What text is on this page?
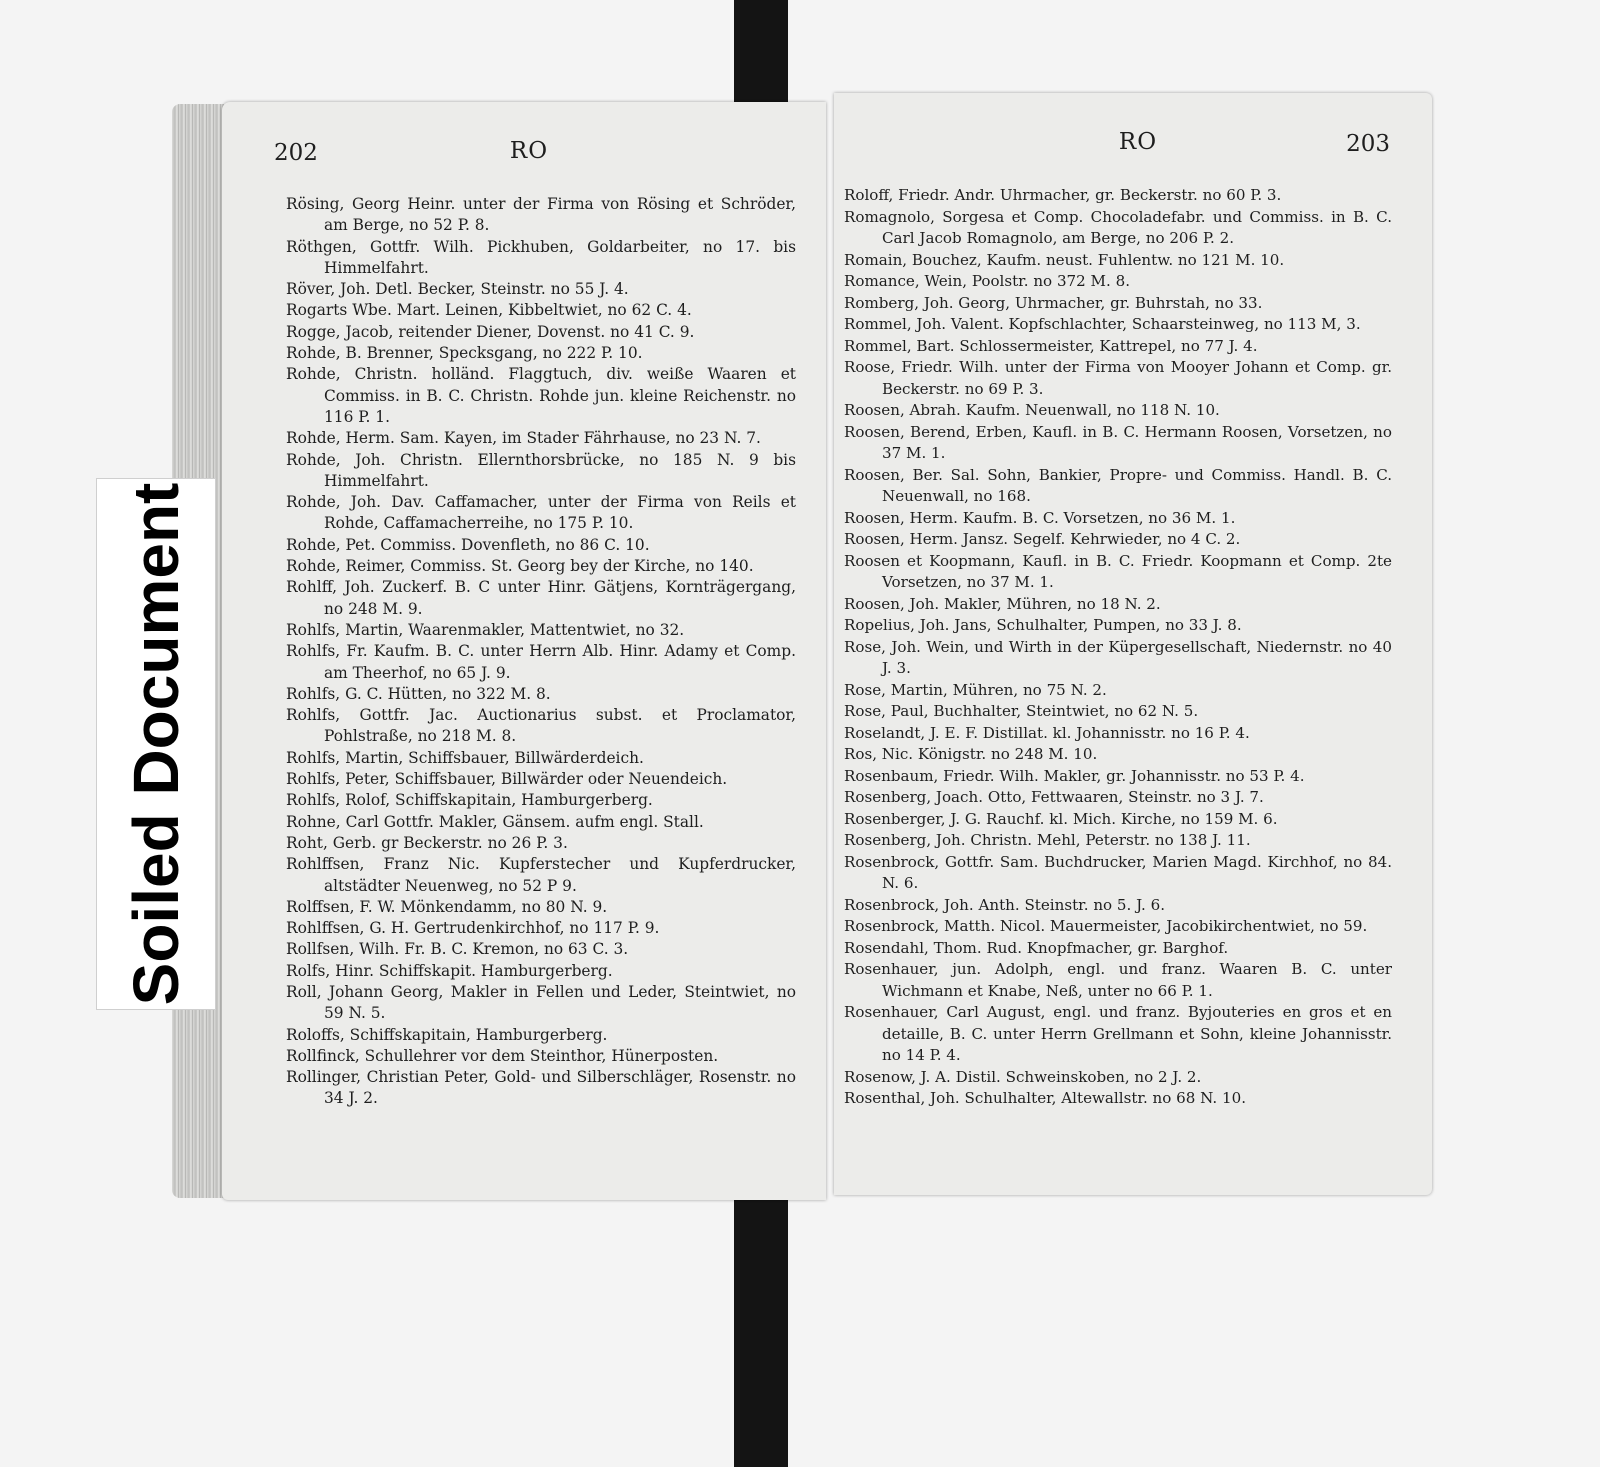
202	RO
Rösing, Georg Heinr. unter der Firma von Rösing et Schröder, am Berge, no 52 P. 8.
Röthgen, Gottfr. Wilh. Pickhuben, Goldarbeiter, no 17. bis Himmelfahrt.
Röver, Joh. Detl. Becker, Steinstr. no 55 J. 4.
Rogarts Wbe. Mart. Leinen, Kibbeltwiet, no 62 C. 4.
Rogge, Jacob, reitender Diener, Dovenst. no 41 C. 9.
Rohde, B. Brenner, Specksgang, no 222 P. 10.
Rohde, Christn. holländ. Flaggtuch, div. weiße Waaren et Commiss. in B. C. Christn. Rohde jun. kleine Reichenstr. no 116 P. 1.
Rohde, Herm. Sam. Kayen, im Stader Fährhause, no 23 N. 7.
Rohde, Joh. Christn. Ellernthorsbrücke, no 185 N. 9 bis Himmelfahrt.
Rohde, Joh. Dav. Caffamacher, unter der Firma von Reils et Rohde, Caffamacherreihe, no 175 P. 10.
Rohde, Pet. Commiss. Dovenfleth, no 86 C. 10.
Rohde, Reimer, Commiss. St. Georg bey der Kirche, no 140.
Rohlff, Joh. Zuckerf. B. C unter Hinr. Gätjens, Kornträgergang, no 248 M. 9.
Rohlfs, Martin, Waarenmakler, Mattentwiet, no 32.
Rohlfs, Fr. Kaufm. B. C. unter Herrn Alb. Hinr. Adamy et Comp. am Theerhof, no 65 J. 9.
Rohlfs, G. C. Hütten, no 322 M. 8.
Rohlfs, Gottfr. Jac. Auctionarius subst. et Proclamator, Pohlstraße, no 218 M. 8.
Rohlfs, Martin, Schiffsbauer, Billwärderdeich.
Rohlfs, Peter, Schiffsbauer, Billwärder oder Neuendeich.
Rohlfs, Rolof, Schiffskapitain, Hamburgerberg.
Rohne, Carl Gottfr. Makler, Gänsem. aufm engl. Stall.
Roht, Gerb. gr Beckerstr. no 26 P. 3.
Rohlffsen, Franz Nic. Kupferstecher und Kupferdrucker, altstädter Neuenweg, no 52 P 9.
Rolffsen, F. W. Mönkendamm, no 80 N. 9.
Rohlffsen, G. H. Gertrudenkirchhof, no 117 P. 9.
Rollfsen, Wilh. Fr. B. C. Kremon, no 63 C. 3.
Rolfs, Hinr. Schiffskapit. Hamburgerberg.
Roll, Johann Georg, Makler in Fellen und Leder, Steintwiet, no 59 N. 5.
Roloffs, Schiffskapitain, Hamburgerberg.
Rollfinck, Schullehrer vor dem Steinthor, Hünerposten.
Rollinger, Christian Peter, Gold- und Silberschläger, Rosenstr. no 34 J. 2.
RO	203
Roloff, Friedr. Andr. Uhrmacher, gr. Beckerstr. no 60 P. 3.
Romagnolo, Sorgesa et Comp. Chocoladefabr. und Commiss. in B. C. Carl Jacob Romagnolo, am Berge, no 206 P. 2.
Romain, Bouchez, Kaufm. neust. Fuhlentw. no 121 M. 10.
Romance, Wein, Poolstr. no 372 M. 8.
Romberg, Joh. Georg, Uhrmacher, gr. Buhrstah, no 33.
Rommel, Joh. Valent. Kopfschlachter, Schaarsteinweg, no 113 M, 3.
Rommel, Bart. Schlossermeister, Kattrepel, no 77 J. 4.
Roose, Friedr. Wilh. unter der Firma von Mooyer Johann et Comp. gr. Beckerstr. no 69 P. 3.
Roosen, Abrah. Kaufm. Neuenwall, no 118 N. 10.
Roosen, Berend, Erben, Kaufl. in B. C. Hermann Roosen, Vorsetzen, no 37 M. 1.
Roosen, Ber. Sal. Sohn, Bankier, Propre- und Commiss. Handl. B. C. Neuenwall, no 168.
Roosen, Herm. Kaufm. B. C. Vorsetzen, no 36 M. 1.
Roosen, Herm. Jansz. Segelf. Kehrwieder, no 4 C. 2.
Roosen et Koopmann, Kaufl. in B. C. Friedr. Koopmann et Comp. 2te Vorsetzen, no 37 M. 1.
Roosen, Joh. Makler, Mühren, no 18 N. 2.
Ropelius, Joh. Jans, Schulhalter, Pumpen, no 33 J. 8.
Rose, Joh. Wein, und Wirth in der Küpergesellschaft, Niedernstr. no 40 J. 3.
Rose, Martin, Mühren, no 75 N. 2.
Rose, Paul, Buchhalter, Steintwiet, no 62 N. 5.
Roselandt, J. E. F. Distillat. kl. Johannisstr. no 16 P. 4.
Ros, Nic. Königstr. no 248 M. 10.
Rosenbaum, Friedr. Wilh. Makler, gr. Johannisstr. no 53 P. 4.
Rosenberg, Joach. Otto, Fettwaaren, Steinstr. no 3 J. 7.
Rosenberger, J. G. Rauchf. kl. Mich. Kirche, no 159 M. 6.
Rosenberg, Joh. Christn. Mehl, Peterstr. no 138 J. 11.
Rosenbrock, Gottfr. Sam. Buchdrucker, Marien Magd. Kirchhof, no 84. N. 6.
Rosenbrock, Joh. Anth. Steinstr. no 5. J. 6.
Rosenbrock, Matth. Nicol. Mauermeister, Jacobikirchentwiet, no 59.
Rosendahl, Thom. Rud. Knopfmacher, gr. Barghof.
Rosenhauer, jun. Adolph, engl. und franz. Waaren B. C. unter Wichmann et Knabe, Neß, unter no 66 P. 1.
Rosenhauer, Carl August, engl. und franz. Byjouteries en gros et en detaille, B. C. unter Herrn Grellmann et Sohn, kleine Johannisstr. no 14 P. 4.
Rosenow, J. A. Distil. Schweinskoben, no 2 J. 2.
Rosenthal, Joh. Schulhalter, Altewallstr. no 68 N. 10.
Soiled Document
